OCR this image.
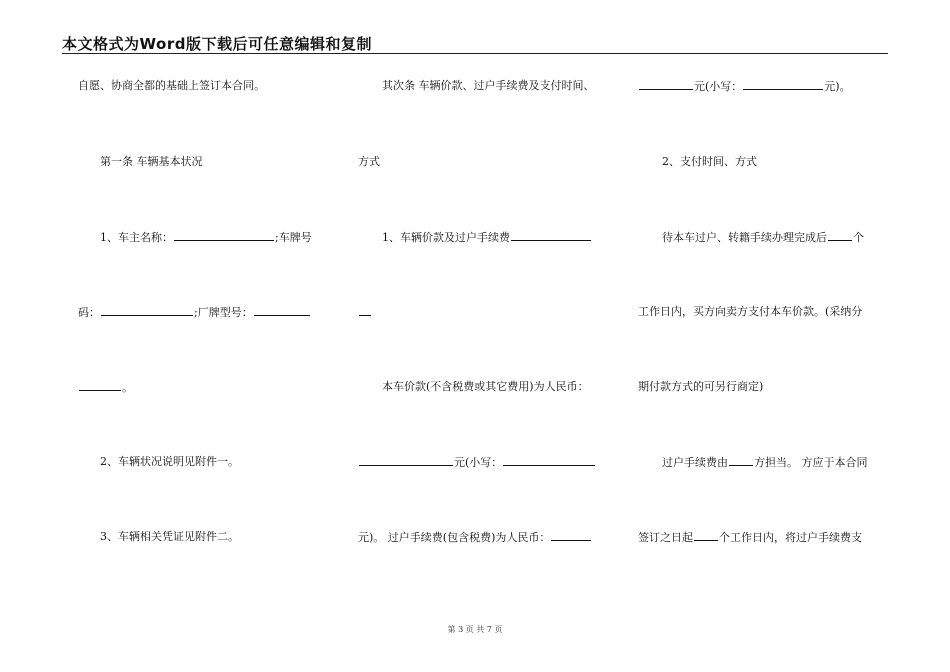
本文格式为Word版下载后可任意编辑和复制
自愿、协商全都的基础上签订本合同。
第一条 车辆基本状况
1、车主名称：	;车牌号
码：	;厂牌型号：
。
2、车辆状况说明见附件一。
3、车辆相关凭证见附件二。
其次条 车辆价款、过户手续费及支付时间、
方式
1、车辆价款及过户手续费
本车价款(不含税费或其它费用)为人民币：
元(小写：
元)。 过户手续费(包含税费)为人民币：
元(小写：	元)。
2、支付时间、方式
待本车过户、转籍手续办理完成后 个
工作日内，买方向卖方支付本车价款。(采纳分
期付款方式的可另行商定)
过户手续费由 方担当。 方应于本合同
签订之日起 个工作日内，将过户手续费支
第 3 页 共 7 页
